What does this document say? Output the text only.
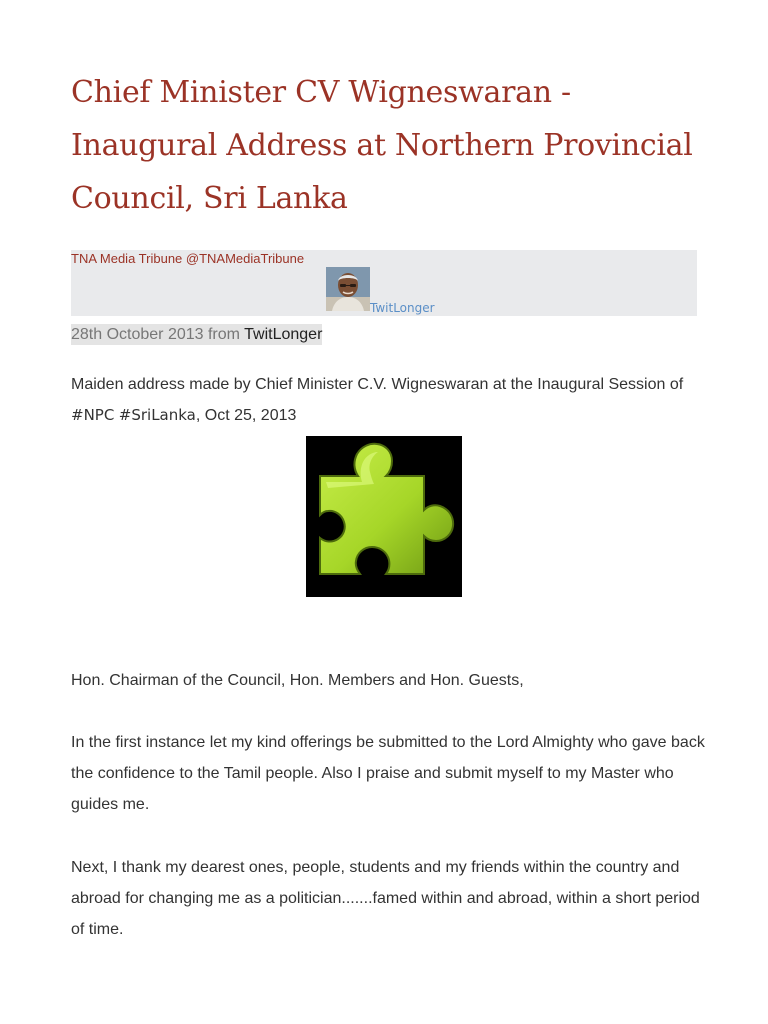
Chief Minister CV Wigneswaran - Inaugural Address at Northern Provincial Council, Sri Lanka
TNA Media Tribune @TNAMediaTribune
TwitLonger
28th October 2013 from TwitLonger

Maiden address made by Chief Minister C.V. Wigneswaran at the Inaugural Session of #NPC #SriLanka, Oct 25, 2013

Hon. Chairman of the Council, Hon. Members and Hon. Guests,

In the first instance let my kind offerings be submitted to the Lord Almighty who gave back the confidence to the Tamil people. Also I praise and submit myself to my Master who guides me.

Next, I thank my dearest ones, people, students and my friends within the country and abroad for changing me as a politician.......famed within and abroad, within a short period of time.
